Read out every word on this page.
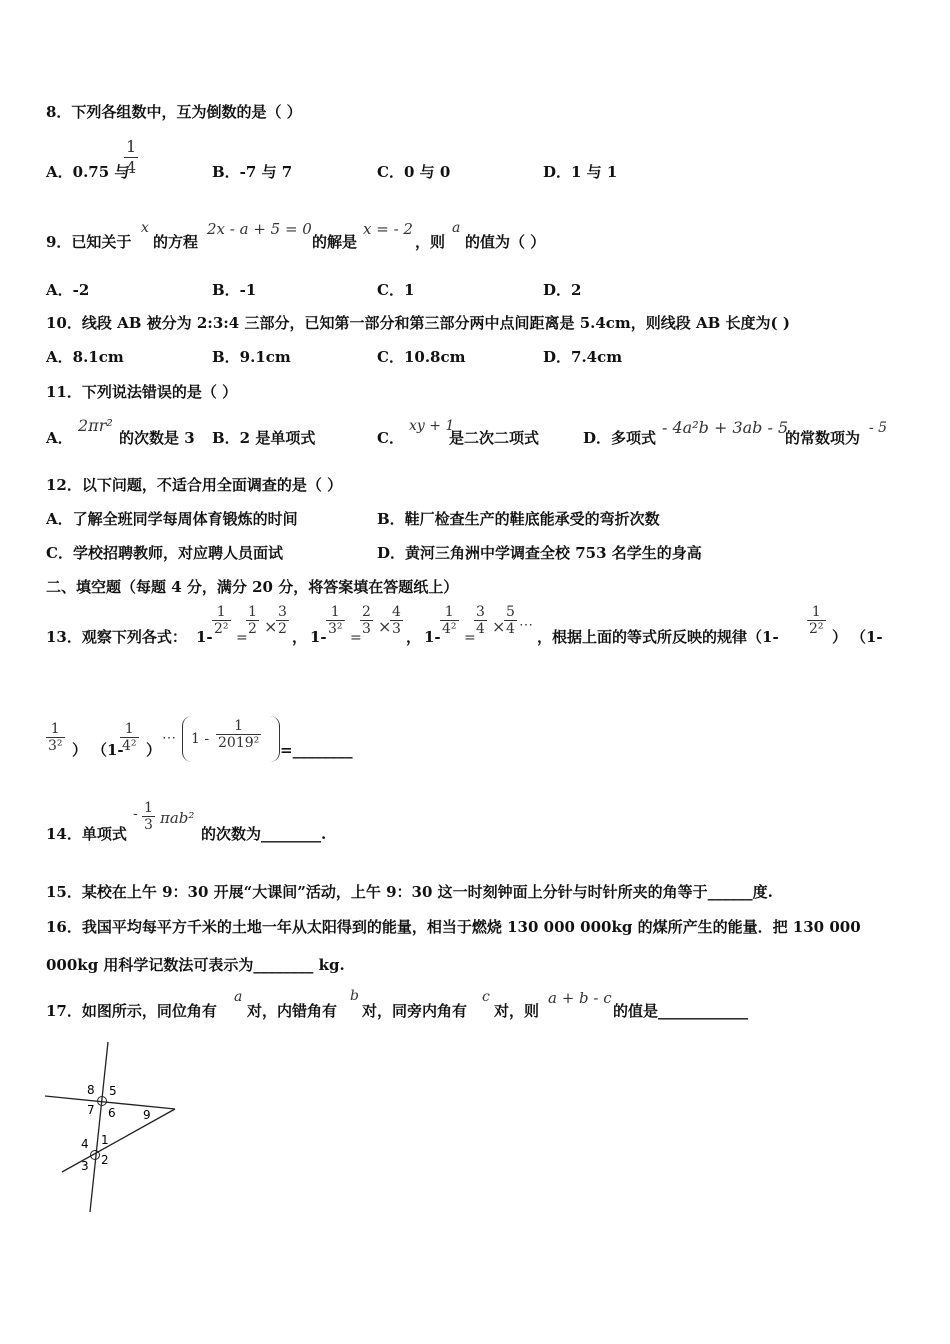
8．下列各组数中，互为倒数的是（ ）
A．0.75 与
$\frac{1}{4}$	B．-7 与 7	C．0 与 0	D．1 与 1
9．已知关于
x
的方程
2x - a + 5 = 0
的解是
x = - 2
，则
a
的值为（ ）
A．-2	B．-1	C．1	D．2
10．线段 AB 被分为 2:3:4 三部分，已知第一部分和第三部分两中点间距离是 5.4cm，则线段 AB 长度为( )
A．8.1cm	B．9.1cm	C．10.8cm	D．7.4cm
11．下列说法错误的是（ ）
A．
2πr²
的次数是 3 B．2 是单项式	C．
xy + 1
是二次二项式	D．多项式
- 4a²b + 3ab - 5
的常数项为
- 5
12．以下问题，不适合用全面调查的是（ ）
A．了解全班同学每周体育锻炼的时间	B．鞋厂检查生产的鞋底能承受的弯折次数
C．学校招聘教师，对应聘人员面试	D．黄河三角洲中学调查全校 753 名学生的身高
二、填空题（每题 4 分，满分 20 分，将答案填在答题纸上）
13．观察下列各式： $1- \frac{1}{\text{2²}}$
=
$\frac{1}{2}$ ×
$\frac{3}{2}$ ， $1- \frac{1}{\text{3²}}$
=
$\frac{2}{3}$ ×
$\frac{4}{3}$ ， $1- \frac{1}{\text{4²}}$
=
$\frac{3}{4}$ ×
$\frac{5}{4}$ ⋯
，根据上面的等式所反映的规律（$1- \frac{1}{\text{2²}}$ ） （1-
$\frac{1}{\text{3²}}$ ） （1-
$\frac{1}{\text{4²}}$ ）
⋯ $1 - \frac{1}{\text{2019²}}$ =________
14．单项式
- $\frac{1}{3} \pi ab^2$
的次数为________.
15．某校在上午 9：30 开展“大课间”活动，上午 9：30 这一时刻钟面上分针与时针所夹的角等于______度.
16．我国平均每平方千米的土地一年从太阳得到的能量，相当于燃烧 130 000 000kg 的煤所产生的能量．把 130 000
000kg 用科学记数法可表示为________ kg.
17．如图所示，同位角有
a
对，内错角有
b
对，同旁内角有
c
对，则
a + b - c
的值是____________
8 5
7 6 9
4 1
3 2
